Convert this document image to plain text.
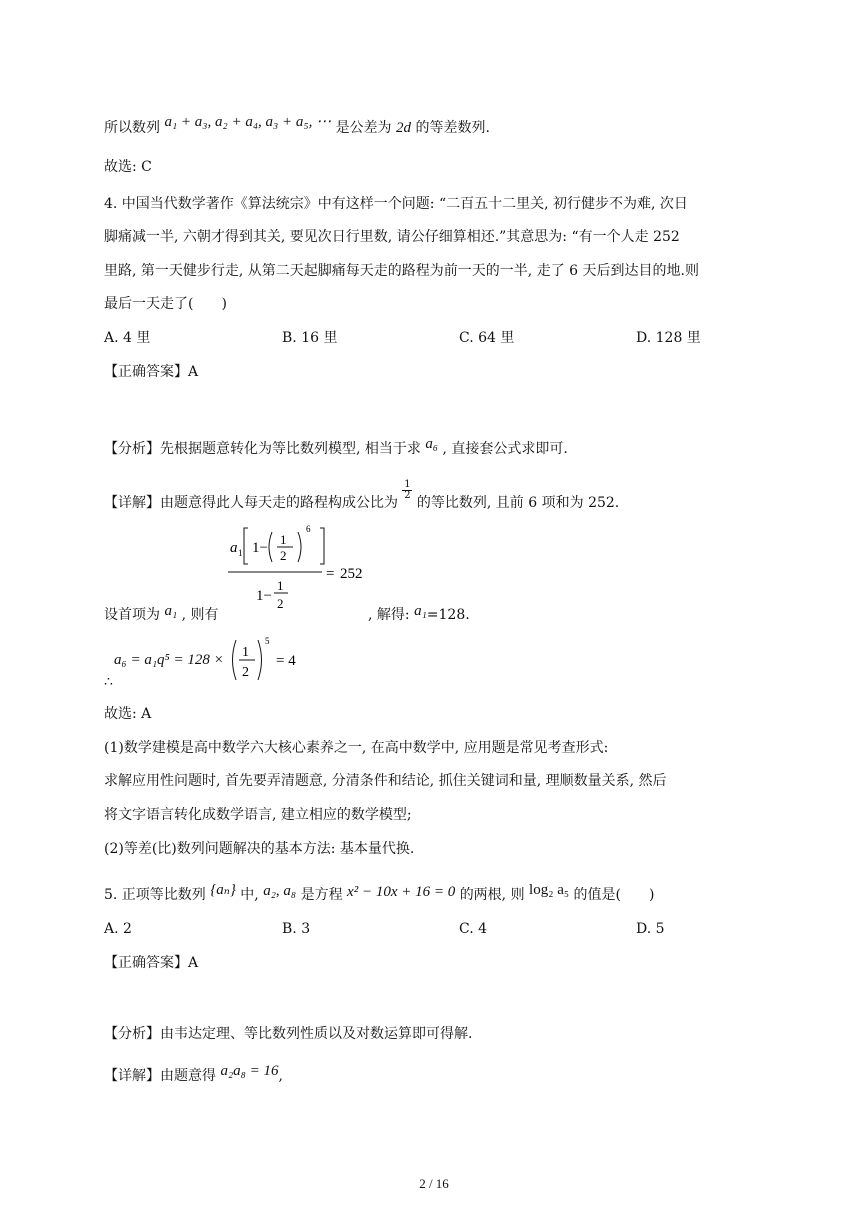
所以数列 a₁ + a₃, a₂ + a₄, a₃ + a₅, ⋯ 是公差为 2d 的等差数列.
故选: C
4. 中国当代数学著作《算法统宗》中有这样一个问题: “二百五十二里关, 初行健步不为难, 次日
脚痛减一半, 六朝才得到其关, 要见次日行里数, 请公仔细算相还.”其意思为: “有一个人走 252
里路, 第一天健步行走, 从第二天起脚痛每天走的路程为前一天的一半, 走了 6 天后到达目的地.则
最后一天走了(　　)
A. 4 里	B. 16 里	C. 64 里	D. 128 里
【正确答案】A
【分析】先根据题意转化为等比数列模型, 相当于求 a₆ , 直接套公式求即可.
【详解】由题意得此人每天走的路程构成公比为 1

2 的等比数列, 且前 6 项和为 252.
a 1 1−
1
2
6
1−
1
2
= 252
设首项为 a₁ , 则有	, 解得: a₁=128.
a₆ = a₁q⁵ = 128 × 1
2
5
= 4
∴
故选: A
(1)数学建模是高中数学六大核心素养之一, 在高中数学中, 应用题是常见考查形式:
求解应用性问题时, 首先要弄清题意, 分清条件和结论, 抓住关键词和量, 理顺数量关系, 然后
将文字语言转化成数学语言, 建立相应的数学模型;
(2)等差(比)数列问题解决的基本方法: 基本量代换.
5. 正项等比数列 {aₙ} 中, a₂, a₈ 是方程 x² − 10x + 16 = 0 的两根, 则 log₂ a₅ 的值是(　　)
A. 2	B. 3	C. 4	D. 5
【正确答案】A
【分析】由韦达定理、等比数列性质以及对数运算即可得解.
【详解】由题意得 a₂a₈ = 16,
2 / 16
